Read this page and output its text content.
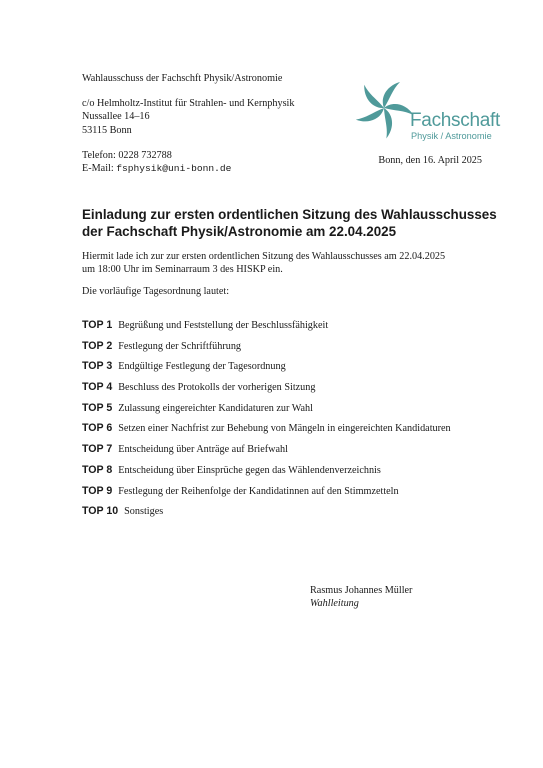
Wahlausschuss der Fachschft Physik/Astronomie
c/o Helmholtz-Institut für Strahlen- und Kernphysik
Nussallee 14–16
53115 Bonn
Telefon: 0228 732788
E-Mail: fsphysik@uni-bonn.de
Fachschaft
Physik / Astronomie
Bonn, den 16. April 2025
Einladung zur ersten ordentlichen Sitzung des Wahlausschusses
der Fachschaft Physik/Astronomie am 22.04.2025
Hiermit lade ich zur zur ersten ordentlichen Sitzung des Wahlausschusses am 22.04.2025
um 18:00 Uhr im Seminarraum 3 des HISKP ein.
Die vorläufige Tagesordnung lautet:
TOP 1 Begrüßung und Feststellung der Beschlussfähigkeit
TOP 2 Festlegung der Schriftführung
TOP 3 Endgültige Festlegung der Tagesordnung
TOP 4 Beschluss des Protokolls der vorherigen Sitzung
TOP 5 Zulassung eingereichter Kandidaturen zur Wahl
TOP 6 Setzen einer Nachfrist zur Behebung von Mängeln in eingereichten Kandidaturen
TOP 7 Entscheidung über Anträge auf Briefwahl
TOP 8 Entscheidung über Einsprüche gegen das Wählendenverzeichnis
TOP 9 Festlegung der Reihenfolge der Kandidatinnen auf den Stimmzetteln
TOP 10 Sonstiges
Rasmus Johannes Müller
Wahlleitung
